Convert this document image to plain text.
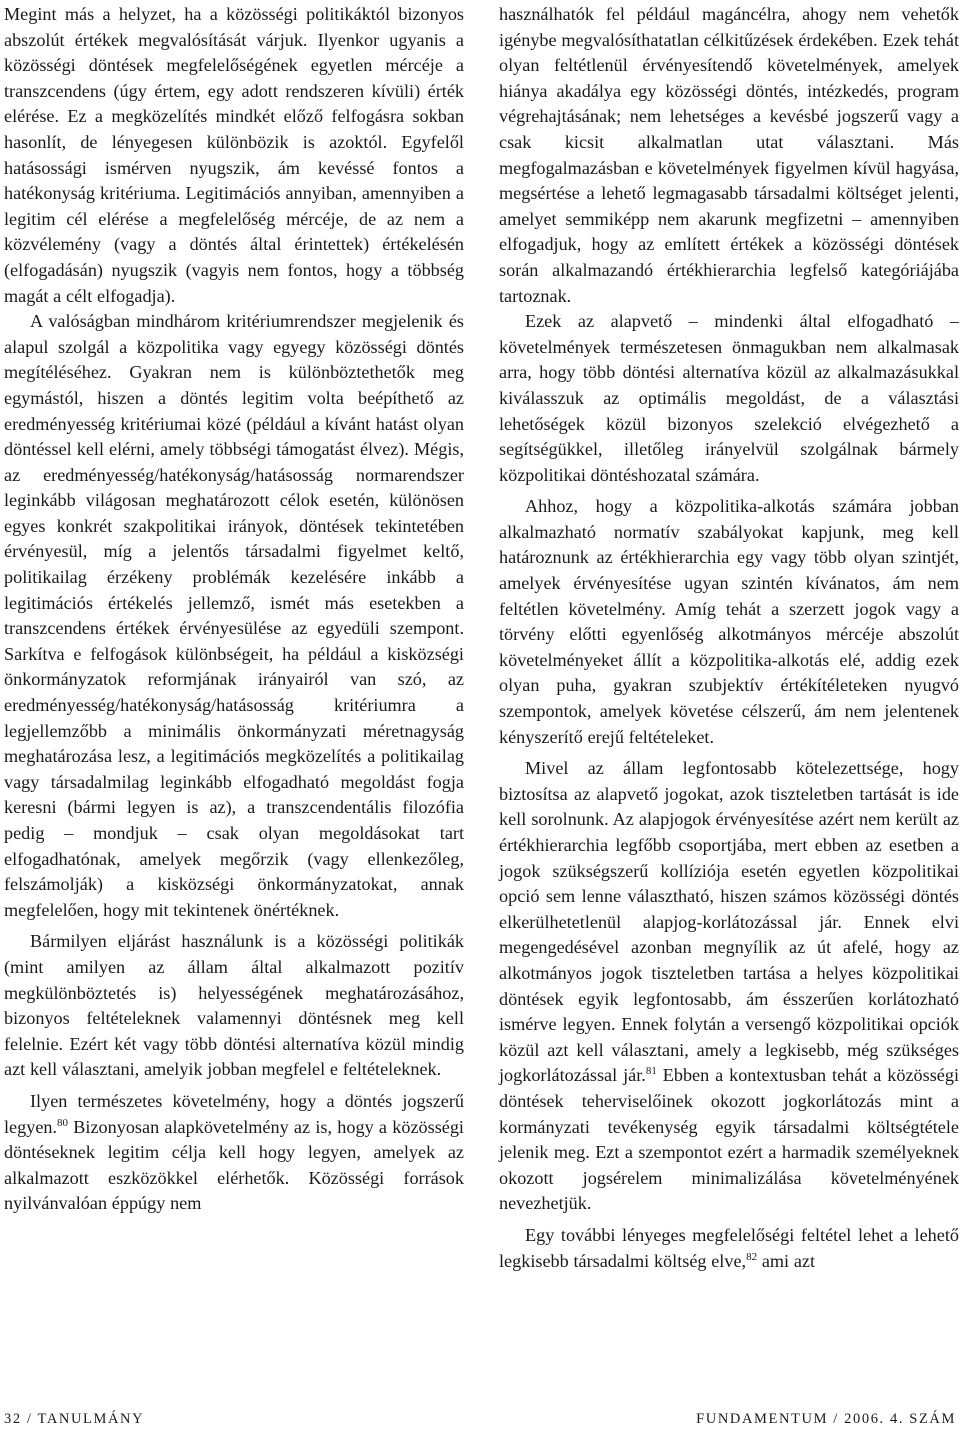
Megint más a helyzet, ha a közösségi politikáktól bizonyos abszolút értékek megvalósítását várjuk. Ilyenkor ugyanis a közösségi döntések megfelelőségének egyetlen mércéje a transzcendens (úgy értem, egy adott rendszeren kívüli) érték elérése. Ez a megközelítés mindkét előző felfogásra sokban hasonlít, de lényegesen különbözik is azoktól. Egyfelől hatásossági ismérven nyugszik, ám kevéssé fontos a hatékonyság kritériuma. Legitimációs annyiban, amennyiben a legitim cél elérése a megfelelőség mércéje, de az nem a közvélemény (vagy a döntés által érintettek) értékelésén (elfogadásán) nyugszik (vagyis nem fontos, hogy a többség magát a célt elfogadja).

A valóságban mindhárom kritériumrendszer megjelenik és alapul szolgál a közpolitika vagy egyegy közösségi döntés megítéléséhez. Gyakran nem is különböztethetők meg egymástól, hiszen a döntés legitim volta beépíthető az eredményesség kritériumai közé (például a kívánt hatást olyan döntéssel kell elérni, amely többségi támogatást élvez). Mégis, az eredményesség/hatékonyság/hatásosság normarendszer leginkább világosan meghatározott célok esetén, különösen egyes konkrét szakpolitikai irányok, döntések tekintetében érvényesül, míg a jelentős társadalmi figyelmet keltő, politikailag érzékeny problémák kezelésére inkább a legitimációs értékelés jellemző, ismét más esetekben a transzcendens értékek érvényesülése az egyedüli szempont. Sarkítva e felfogások különbségeit, ha például a kisközségi önkormányzatok reformjának irányairól van szó, az eredményesség/hatékonyság/hatásosság kritériumra a legjellemzőbb a minimális önkormányzati méretnagyság meghatározása lesz, a legitimációs megközelítés a politikailag vagy társadalmilag leginkább elfogadható megoldást fogja keresni (bármi legyen is az), a transzcendentális filozófia pedig – mondjuk – csak olyan megoldásokat tart elfogadhatónak, amelyek megőrzik (vagy ellenkezőleg, felszámolják) a kisközségi önkormányzatokat, annak megfelelően, hogy mit tekintenek önértéknek.

Bármilyen eljárást használunk is a közösségi politikák (mint amilyen az állam által alkalmazott pozitív megkülönböztetés is) helyességének meghatározásához, bizonyos feltételeknek valamennyi döntésnek meg kell felelnie. Ezért két vagy több döntési alternatíva közül mindig azt kell választani, amelyik jobban megfelel e feltételeknek.

Ilyen természetes követelmény, hogy a döntés jogszerű legyen.$^{80}$ Bizonyosan alapkövetelmény az is, hogy a közösségi döntéseknek legitim célja kell hogy legyen, amelyek az alkalmazott eszközökkel elérhetők. Közösségi források nyilvánvalóan éppúgy nem

használhatók fel például magáncélra, ahogy nem vehetők igénybe megvalósíthatatlan célkitűzések érdekében. Ezek tehát olyan feltétlenül érvényesítendő követelmények, amelyek hiánya akadálya egy közösségi döntés, intézkedés, program végrehajtásának; nem lehetséges a kevésbé jogszerű vagy a csak kicsit alkalmatlan utat választani. Más megfogalmazásban e követelmények figyelmen kívül hagyása, megsértése a lehető legmagasabb társadalmi költséget jelenti, amelyet semmiképp nem akarunk megfizetni – amennyiben elfogadjuk, hogy az említett értékek a közösségi döntések során alkalmazandó értékhierarchia legfelső kategóriájába tartoznak.

Ezek az alapvető – mindenki által elfogadható – követelmények természetesen önmagukban nem alkalmasak arra, hogy több döntési alternatíva közül az alkalmazásukkal kiválasszuk az optimális megoldást, de a választási lehetőségek közül bizonyos szelekció elvégezhető a segítségükkel, illetőleg irányelvül szolgálnak bármely közpolitikai döntéshozatal számára.

Ahhoz, hogy a közpolitika-alkotás számára jobban alkalmazható normatív szabályokat kapjunk, meg kell határoznunk az értékhierarchia egy vagy több olyan szintjét, amelyek érvényesítése ugyan szintén kívánatos, ám nem feltétlen követelmény. Amíg tehát a szerzett jogok vagy a törvény előtti egyenlőség alkotmányos mércéje abszolút követelményeket állít a közpolitika-alkotás elé, addig ezek olyan puha, gyakran szubjektív értékítéleteken nyugvó szempontok, amelyek követése célszerű, ám nem jelentenek kényszerítő erejű feltételeket.

Mivel az állam legfontosabb kötelezettsége, hogy biztosítsa az alapvető jogokat, azok tiszteletben tartását is ide kell sorolnunk. Az alapjogok érvényesítése azért nem került az értékhierarchia legfőbb csoportjába, mert ebben az esetben a jogok szükségszerű kollíziója esetén egyetlen közpolitikai opció sem lenne választható, hiszen számos közösségi döntés elkerülhetetlenül alapjog-korlátozással jár. Ennek elvi megengedésével azonban megnyílik az út afelé, hogy az alkotmányos jogok tiszteletben tartása a helyes közpolitikai döntések egyik legfontosabb, ám ésszerűen korlátozható ismérve legyen. Ennek folytán a versengő közpolitikai opciók közül azt kell választani, amely a legkisebb, még szükséges jogkorlátozással jár.$^{81}$ Ebben a kontextusban tehát a közösségi döntések teherviselőinek okozott jogkorlátozás mint a kormányzati tevékenység egyik társadalmi költségtétele jelenik meg. Ezt a szempontot ezért a harmadik személyeknek okozott jogsérelem minimalizálása követelményének nevezhetjük.

Egy további lényeges megfelelőségi feltétel lehet a lehető legkisebb társadalmi költség elve,$^{82}$ ami azt

32 / TANULMÁNY	FUNDAMENTUM / 2006. 4. SZÁM
